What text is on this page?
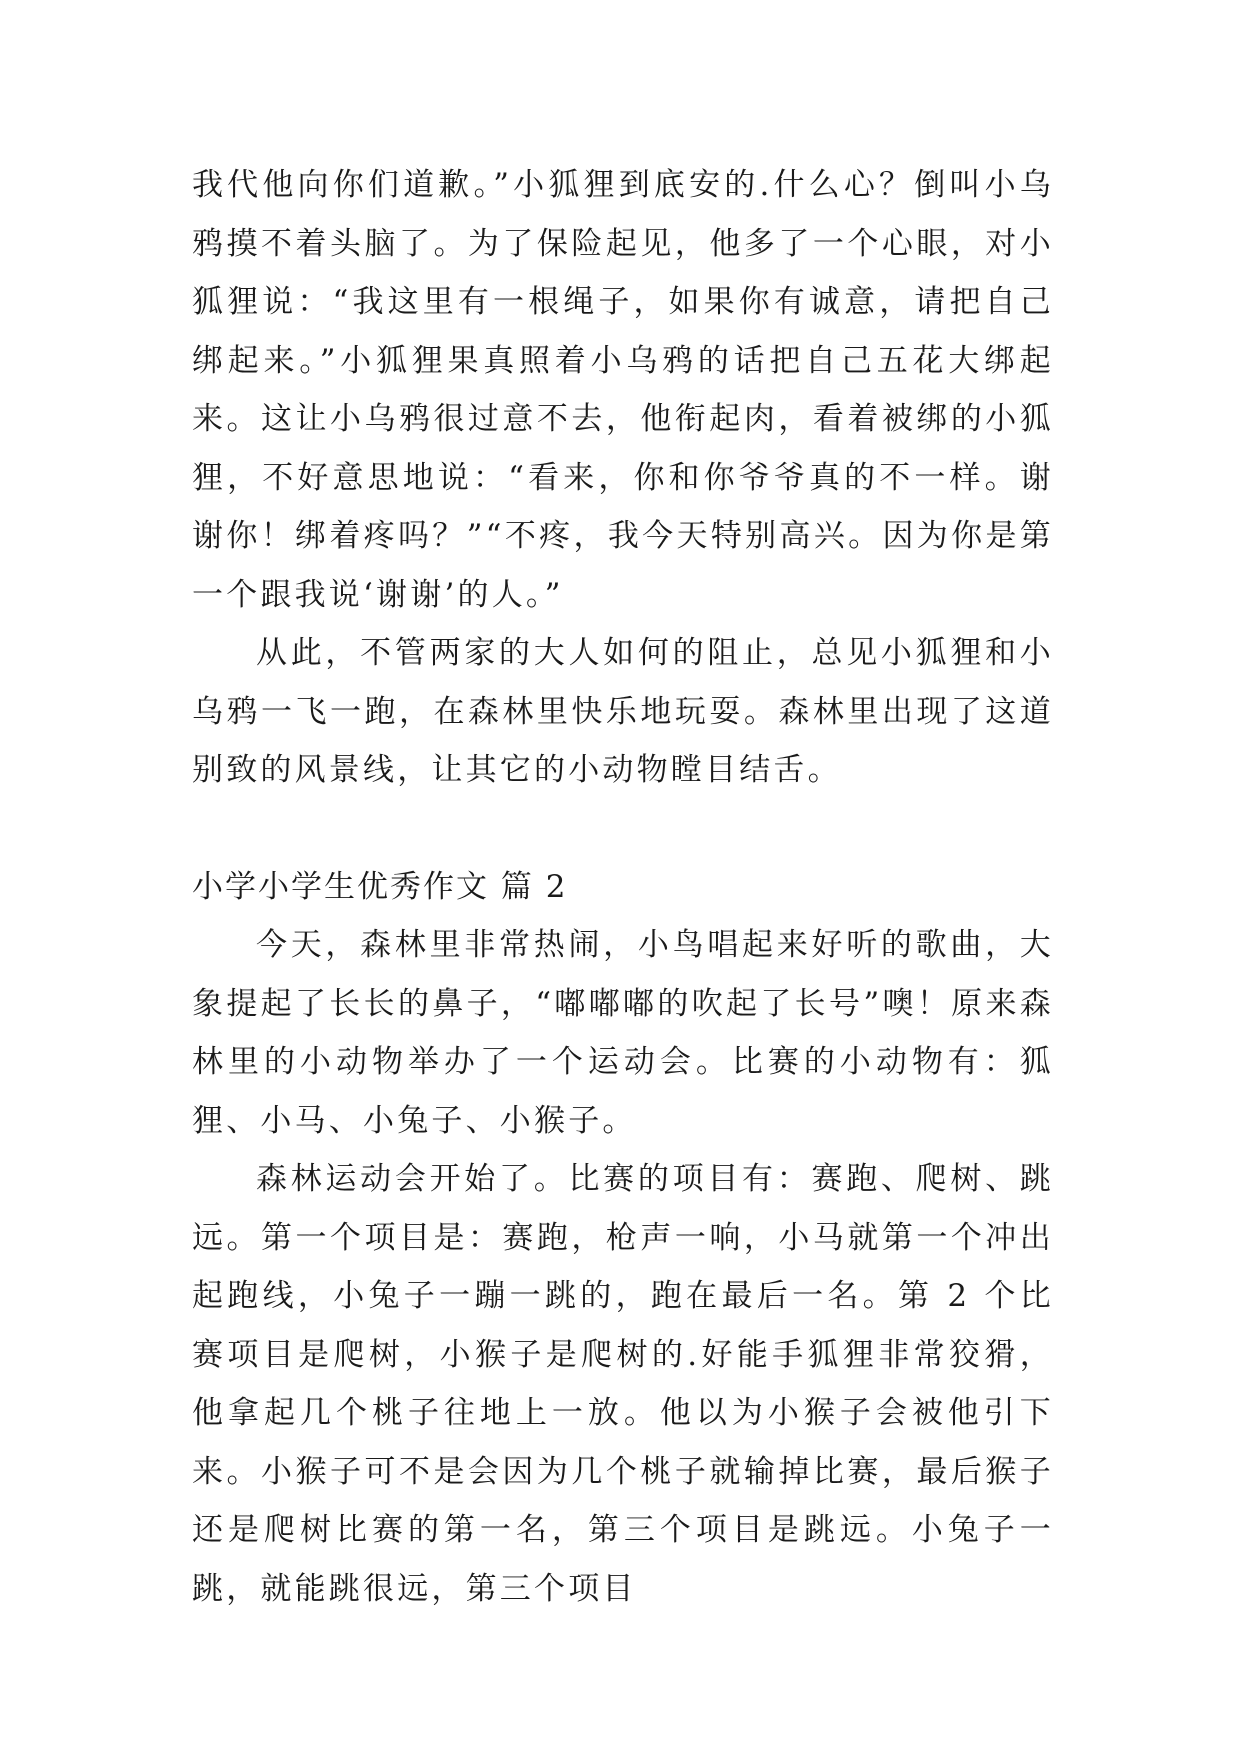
我代他向你们道歉。”小狐狸到底安的.什么心？倒叫小乌鸦摸不着头脑了。为了保险起见，他多了一个心眼，对小狐狸说：“我这里有一根绳子，如果你有诚意，请把自己绑起来。”小狐狸果真照着小乌鸦的话把自己五花大绑起来。这让小乌鸦很过意不去，他衔起肉，看着被绑的小狐狸，不好意思地说：“看来，你和你爷爷真的不一样。谢谢你！绑着疼吗？”“不疼，我今天特别高兴。因为你是第一个跟我说‘谢谢’的人。”

从此，不管两家的大人如何的阻止，总见小狐狸和小乌鸦一飞一跑，在森林里快乐地玩耍。森林里出现了这道别致的风景线，让其它的小动物瞠目结舌。

小学小学生优秀作文 篇 2

今天，森林里非常热闹，小鸟唱起来好听的歌曲，大象提起了长长的鼻子，“嘟嘟嘟的吹起了长号”噢！原来森林里的小动物举办了一个运动会。比赛的小动物有：狐狸、小马、小兔子、小猴子。

森林运动会开始了。比赛的项目有：赛跑、爬树、跳远。第一个项目是：赛跑，枪声一响，小马就第一个冲出起跑线，小兔子一蹦一跳的，跑在最后一名。第 2 个比赛项目是爬树，小猴子是爬树的.好能手狐狸非常狡猾，他拿起几个桃子往地上一放。他以为小猴子会被他引下来。小猴子可不是会因为几个桃子就输掉比赛，最后猴子还是爬树比赛的第一名，第三个项目是跳远。小兔子一跳，就能跳很远，第三个项目
